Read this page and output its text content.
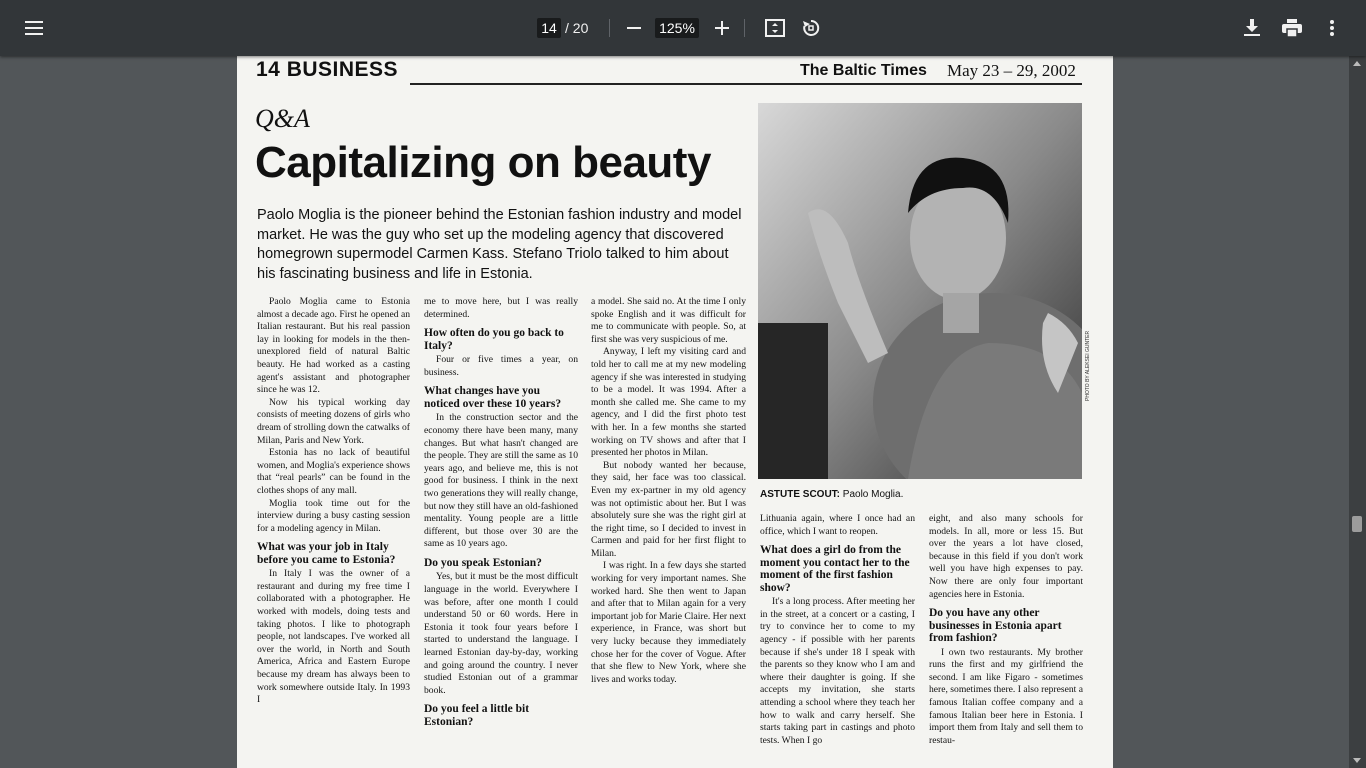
14 / 20	125%
14 BUSINESS	The Baltic Times May 23 – 29, 2002
Q&A
Capitalizing on beauty
Paolo Moglia is the pioneer behind the Estonian fashion industry and model market. He was the guy who set up the modeling agency that discovered homegrown supermodel Carmen Kass. Stefano Triolo talked to him about his fascinating business and life in Estonia.
PHOTO BY ALEKSEI GUNTER
ASTUTE SCOUT: Paolo Moglia.

Paolo Moglia came to Estonia almost a decade ago. First he opened an Italian restaurant. But his real passion lay in looking for models in the then-unexplored field of natural Baltic beauty. He had worked as a casting agent's assistant and photographer since he was 12.

Now his typical working day consists of meeting dozens of girls who dream of strolling down the catwalks of Milan, Paris and New York.

Estonia has no lack of beautiful women, and Moglia's experience shows that “real pearls” can be found in the clothes shops of any mall.

Moglia took time out for the interview during a busy casting session for a modeling agency in Milan.

What was your job in Italy before you came to Estonia?

In Italy I was the owner of a restaurant and during my free time I collaborated with a photographer. He worked with models, doing tests and taking photos. I like to photograph people, not landscapes. I've worked all over the world, in North and South America, Africa and Eastern Europe because my dream has always been to work somewhere outside Italy. In 1993 I

me to move here, but I was really determined.

How often do you go back to Italy?

Four or five times a year, on business.

What changes have you noticed over these 10 years?

In the construction sector and the economy there have been many, many changes. But what hasn't changed are the people. They are still the same as 10 years ago, and believe me, this is not good for business. I think in the next two generations they will really change, but now they still have an old-fashioned mentality. Young people are a little different, but those over 30 are the same as 10 years ago.

Do you speak Estonian?

Yes, but it must be the most difficult language in the world. Everywhere I was before, after one month I could understand 50 or 60 words. Here in Estonia it took four years before I started to understand the language. I learned Estonian day-by-day, working and going around the country. I never studied Estonian out of a grammar book.

Do you feel a little bit Estonian?

a model. She said no. At the time I only spoke English and it was difficult for me to communicate with people. So, at first she was very suspicious of me.

Anyway, I left my visiting card and told her to call me at my new modeling agency if she was interested in studying to be a model. It was 1994. After a month she called me. She came to my agency, and I did the first photo test with her. In a few months she started working on TV shows and after that I presented her photos in Milan.

But nobody wanted her because, they said, her face was too classical. Even my ex-partner in my old agency was not optimistic about her. But I was absolutely sure she was the right girl at the right time, so I decided to invest in Carmen and paid for her first flight to Milan.

I was right. In a few days she started working for very important names. She worked hard. She then went to Japan and after that to Milan again for a very important job for Marie Claire. Her next experience, in France, was short but very lucky because they immediately chose her for the cover of Vogue. After that she flew to New York, where she lives and works today.

Lithuania again, where I once had an office, which I want to reopen.

What does a girl do from the moment you contact her to the moment of the first fashion show?

It's a long process. After meeting her in the street, at a concert or a casting, I try to convince her to come to my agency - if possible with her parents because if she's under 18 I speak with the parents so they know who I am and where their daughter is going. If she accepts my invitation, she starts attending a school where they teach her how to walk and carry herself. She starts taking part in castings and photo tests. When I go

eight, and also many schools for models. In all, more or less 15. But over the years a lot have closed, because in this field if you don't work well you have high expenses to pay. Now there are only four important agencies here in Estonia.

Do you have any other businesses in Estonia apart from fashion?

I own two restaurants. My brother runs the first and my girlfriend the second. I am like Figaro - sometimes here, sometimes there. I also represent a famous Italian coffee company and a famous Italian beer here in Estonia. I import them from Italy and sell them to restau-
